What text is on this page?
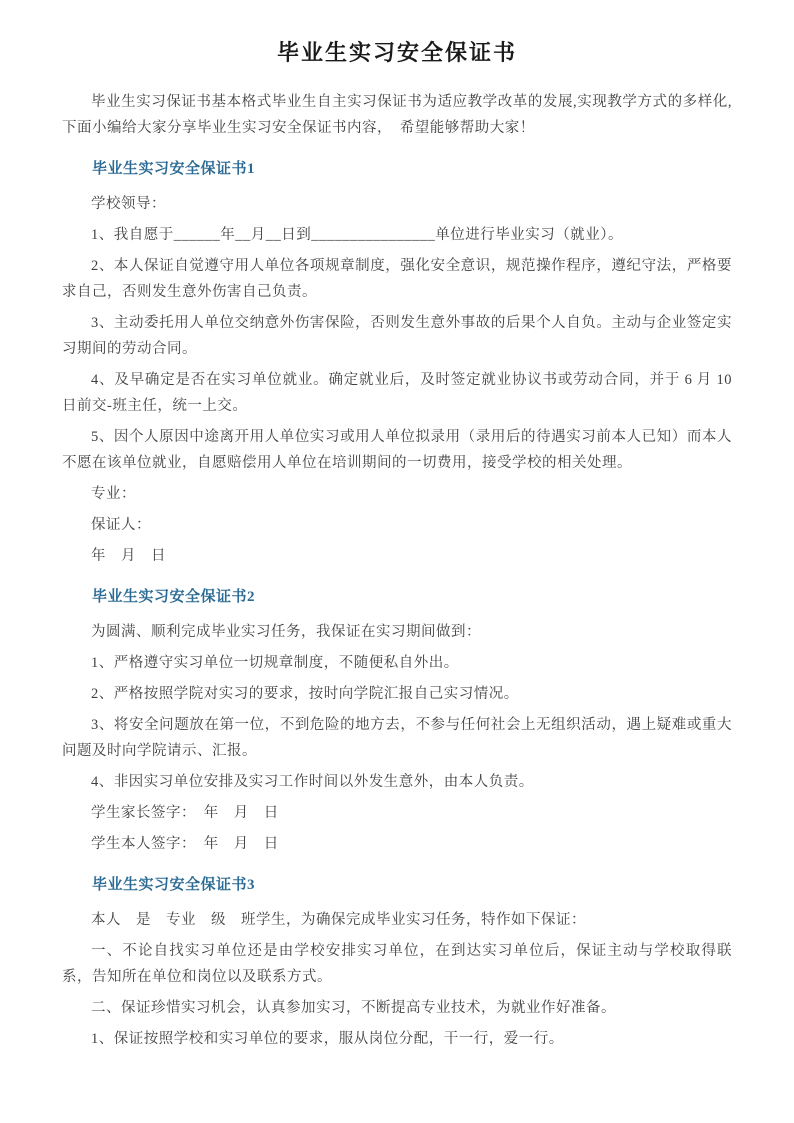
毕业生实习安全保证书

毕业生实习保证书基本格式毕业生自主实习保证书为适应教学改革的发展,实现教学方式的多样化,下面小编给大家分享毕业生实习安全保证书内容， 希望能够帮助大家！

毕业生实习安全保证书1

学校领导：

1、我自愿于______年__月__日到________________单位进行毕业实习（就业）。

2、本人保证自觉遵守用人单位各项规章制度，强化安全意识，规范操作程序，遵纪守法，严格要求自己，否则发生意外伤害自己负责。

3、主动委托用人单位交纳意外伤害保险，否则发生意外事故的后果个人自负。主动与企业签定实习期间的劳动合同。

4、及早确定是否在实习单位就业。确定就业后，及时签定就业协议书或劳动合同，并于 6 月 10 日前交-班主任，统一上交。

5、因个人原因中途离开用人单位实习或用人单位拟录用（录用后的待遇实习前本人已知）而本人不愿在该单位就业，自愿赔偿用人单位在培训期间的一切费用，接受学校的相关处理。

专业：

保证人：

年　月　日

毕业生实习安全保证书2

为圆满、顺利完成毕业实习任务，我保证在实习期间做到：

1、严格遵守实习单位一切规章制度，不随便私自外出。

2、严格按照学院对实习的要求，按时向学院汇报自己实习情况。

3、将安全问题放在第一位，不到危险的地方去，不参与任何社会上无组织活动，遇上疑难或重大问题及时向学院请示、汇报。

4、非因实习单位安排及实习工作时间以外发生意外，由本人负责。

学生家长签字：　年　月　日

学生本人签字：　年　月　日

毕业生实习安全保证书3

本人　是　专业　级　班学生，为确保完成毕业实习任务，特作如下保证：

一、不论自找实习单位还是由学校安排实习单位，在到达实习单位后，保证主动与学校取得联系，告知所在单位和岗位以及联系方式。

二、保证珍惜实习机会，认真参加实习，不断提高专业技术，为就业作好准备。

1、保证按照学校和实习单位的要求，服从岗位分配，干一行，爱一行。
